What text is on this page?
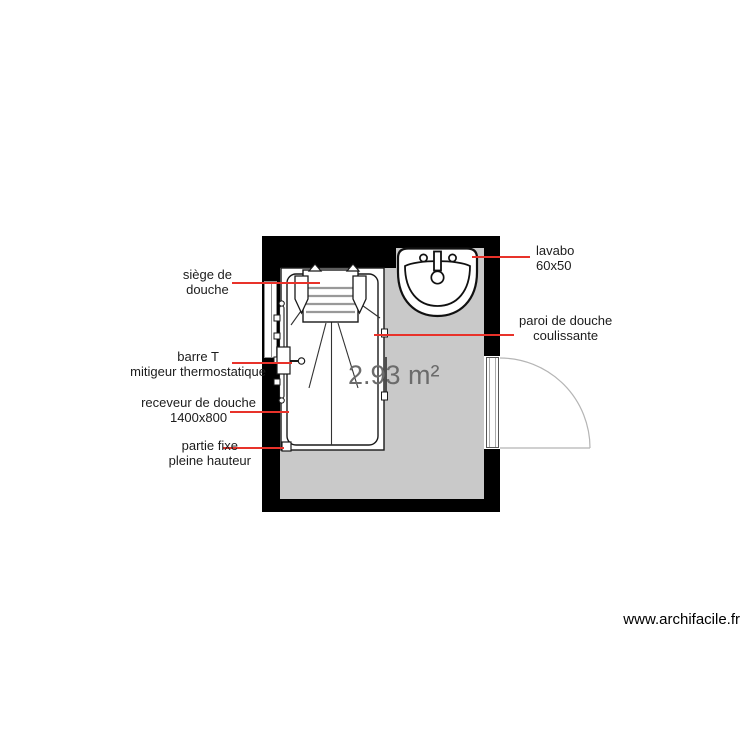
siège de
douche
lavabo
60x50
paroi de douche
coulissante
barre T
mitigeur thermostatique
receveur de douche
1400x800
partie fixe
pleine hauteur
2.93 m²
www.archifacile.fr
